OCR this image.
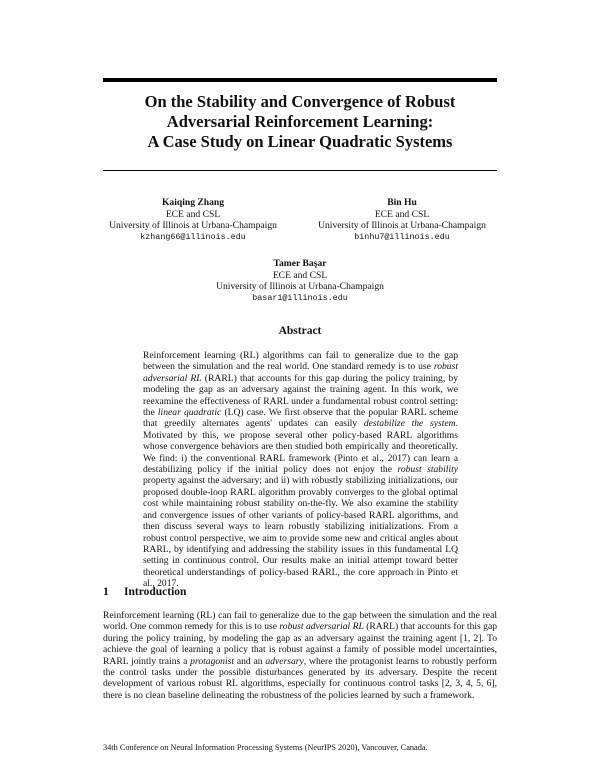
On the Stability and Convergence of Robust
Adversarial Reinforcement Learning:
A Case Study on Linear Quadratic Systems
Kaiqing Zhang
ECE and CSL
University of Illinois at Urbana-Champaign
kzhang66@illinois.edu
Bin Hu
ECE and CSL
University of Illinois at Urbana-Champaign
binhu7@illinois.edu
Tamer Başar
ECE and CSL
University of Illinois at Urbana-Champaign
basar1@illinois.edu
Abstract
Reinforcement learning (RL) algorithms can fail to generalize due to the gap between the simulation and the real world. One standard remedy is to use robust adversarial RL (RARL) that accounts for this gap during the policy training, by modeling the gap as an adversary against the training agent. In this work, we reexamine the effectiveness of RARL under a fundamental robust control setting: the linear quadratic (LQ) case. We first observe that the popular RARL scheme that greedily alternates agents' updates can easily destabilize the system. Motivated by this, we propose several other policy-based RARL algorithms whose convergence behaviors are then studied both empirically and theoretically. We find: i) the conventional RARL framework (Pinto et al., 2017) can learn a destabilizing policy if the initial policy does not enjoy the robust stability property against the adversary; and ii) with robustly stabilizing initializations, our proposed double-loop RARL algorithm provably converges to the global optimal cost while maintaining robust stability on-the-fly. We also examine the stability and convergence issues of other variants of policy-based RARL algorithms, and then discuss several ways to learn robustly stabilizing initializations. From a robust control perspective, we aim to provide some new and critical angles about RARL, by identifying and addressing the stability issues in this fundamental LQ setting in continuous control. Our results make an initial attempt toward better theoretical understandings of policy-based RARL, the core approach in Pinto et al., 2017.
1 Introduction
Reinforcement learning (RL) can fail to generalize due to the gap between the simulation and the real world. One common remedy for this is to use robust adversarial RL (RARL) that accounts for this gap during the policy training, by modeling the gap as an adversary against the training agent [1, 2]. To achieve the goal of learning a policy that is robust against a family of possible model uncertainties, RARL jointly trains a protagonist and an adversary, where the protagonist learns to robustly perform the control tasks under the possible disturbances generated by its adversary. Despite the recent development of various robust RL algorithms, especially for continuous control tasks [2, 3, 4, 5, 6], there is no clean baseline delineating the robustness of the policies learned by such a framework.
34th Conference on Neural Information Processing Systems (NeurIPS 2020), Vancouver, Canada.
